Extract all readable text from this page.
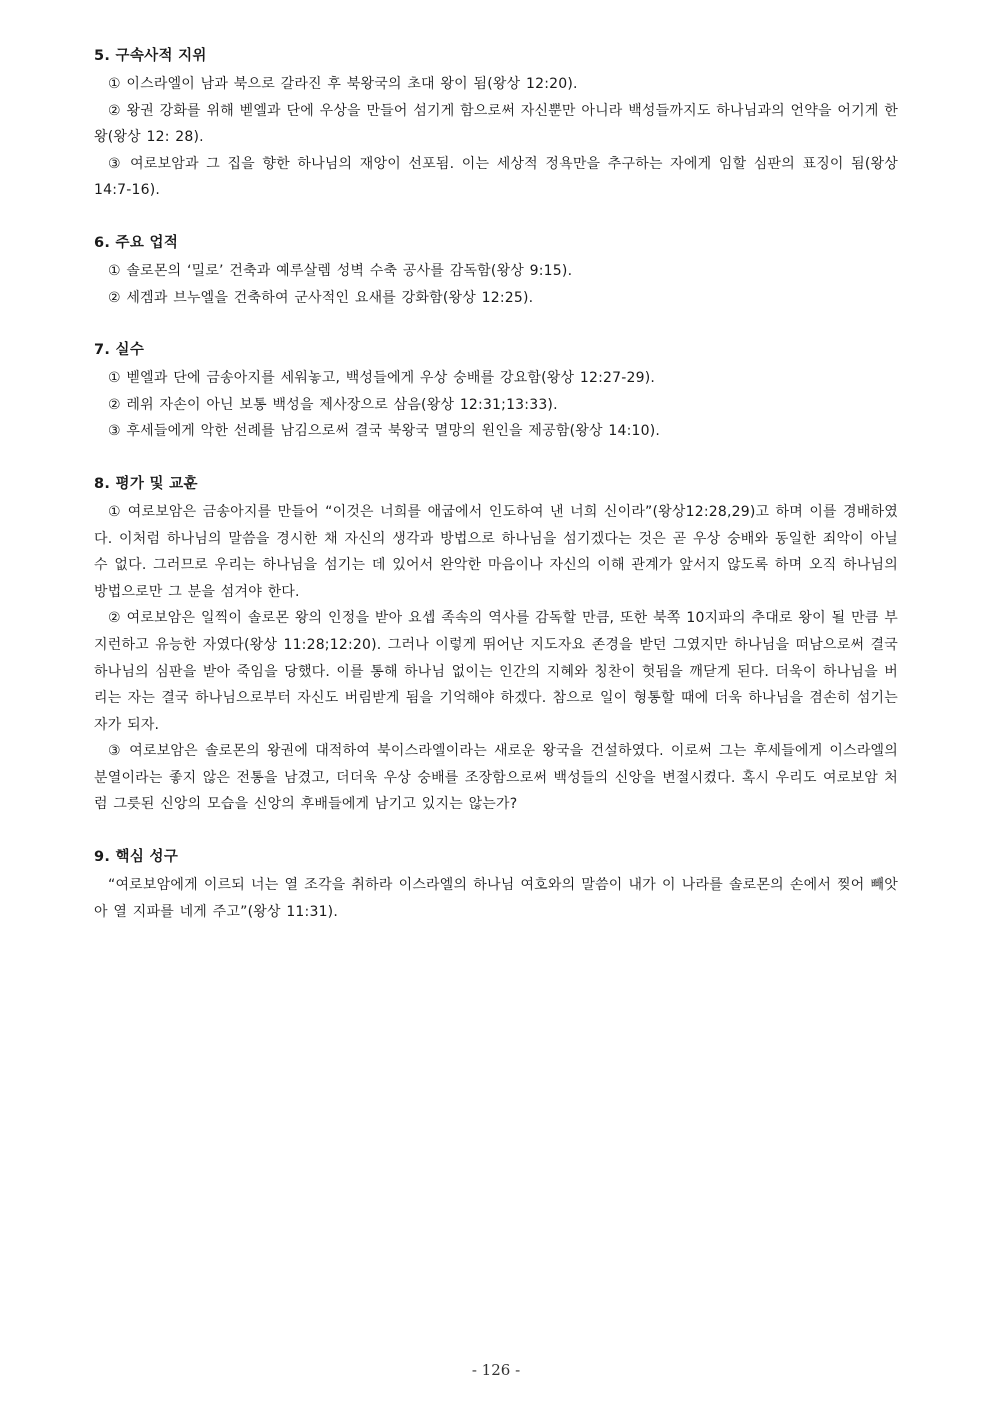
5. 구속사적 지위

① 이스라엘이 남과 북으로 갈라진 후 북왕국의 초대 왕이 됨(왕상 12:20).

② 왕권 강화를 위해 벧엘과 단에 우상을 만들어 섬기게 함으로써 자신뿐만 아니라 백성들까지도 하나님과의 언약을 어기게 한 왕(왕상 12: 28).

③ 여로보암과 그 집을 향한 하나님의 재앙이 선포됨. 이는 세상적 정욕만을 추구하는 자에게 임할 심판의 표징이 됨(왕상 14:7-16).

6. 주요 업적

① 솔로몬의 ‘밀로’ 건축과 예루살렘 성벽 수축 공사를 감독함(왕상 9:15).

② 세겜과 브누엘을 건축하여 군사적인 요새를 강화함(왕상 12:25).

7. 실수

① 벧엘과 단에 금송아지를 세워놓고, 백성들에게 우상 숭배를 강요함(왕상 12:27-29).

② 레위 자손이 아닌 보통 백성을 제사장으로 삼음(왕상 12:31;13:33).

③ 후세들에게 악한 선례를 남김으로써 결국 북왕국 멸망의 원인을 제공함(왕상 14:10).

8. 평가 및 교훈

① 여로보암은 금송아지를 만들어 “이것은 너희를 애굽에서 인도하여 낸 너희 신이라”(왕상12:28,29)고 하며 이를 경배하였다. 이처럼 하나님의 말씀을 경시한 채 자신의 생각과 방법으로 하나님을 섬기겠다는 것은 곧 우상 숭배와 동일한 죄악이 아닐 수 없다. 그러므로 우리는 하나님을 섬기는 데 있어서 완악한 마음이나 자신의 이해 관계가 앞서지 않도록 하며 오직 하나님의 방법으로만 그 분을 섬겨야 한다.

② 여로보암은 일찍이 솔로몬 왕의 인정을 받아 요셉 족속의 역사를 감독할 만큼, 또한 북쪽 10지파의 추대로 왕이 될 만큼 부지런하고 유능한 자였다(왕상 11:28;12:20). 그러나 이렇게 뛰어난 지도자요 존경을 받던 그였지만 하나님을 떠남으로써 결국 하나님의 심판을 받아 죽임을 당했다. 이를 통해 하나님 없이는 인간의 지혜와 칭찬이 헛됨을 깨닫게 된다. 더욱이 하나님을 버리는 자는 결국 하나님으로부터 자신도 버림받게 됨을 기억해야 하겠다. 참으로 일이 형통할 때에 더욱 하나님을 겸손히 섬기는 자가 되자.

③ 여로보암은 솔로몬의 왕권에 대적하여 북이스라엘이라는 새로운 왕국을 건설하였다. 이로써 그는 후세들에게 이스라엘의 분열이라는 좋지 않은 전통을 남겼고, 더더욱 우상 숭배를 조장함으로써 백성들의 신앙을 변절시켰다. 혹시 우리도 여로보암 처럼 그릇된 신앙의 모습을 신앙의 후배들에게 남기고 있지는 않는가?

9. 핵심 성구

“여로보암에게 이르되 너는 열 조각을 취하라 이스라엘의 하나님 여호와의 말씀이 내가 이 나라를 솔로몬의 손에서 찢어 빼앗아 열 지파를 네게 주고”(왕상 11:31).

- 126 -
